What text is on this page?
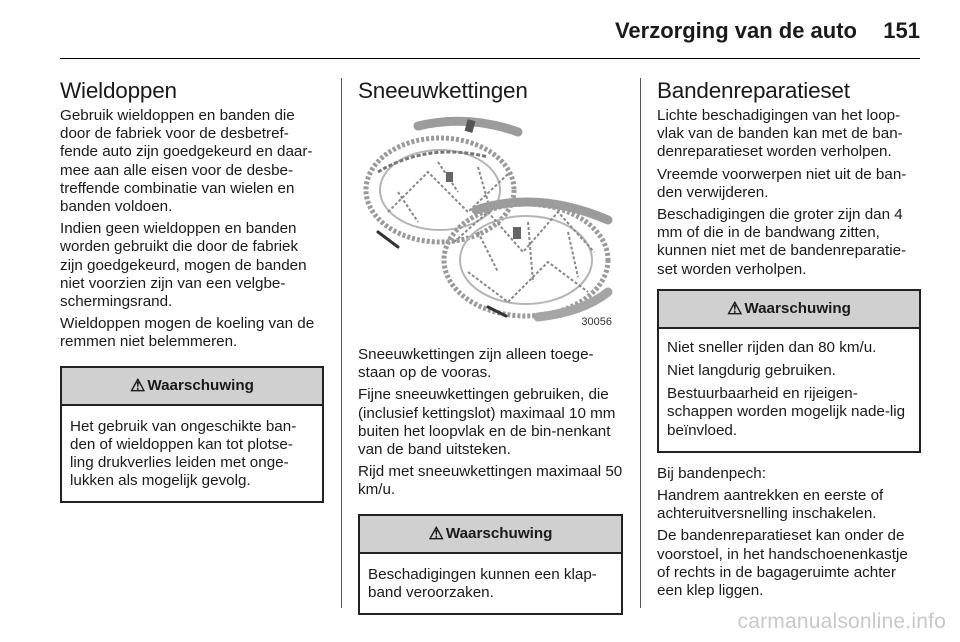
Verzorging van de auto 151
Wieldoppen

Gebruik wieldoppen en banden die door de fabriek voor de desbetref-fende auto zijn goedgekeurd en daar-mee aan alle eisen voor de desbe-treffende combinatie van wielen en banden voldoen.

Indien geen wieldoppen en banden worden gebruikt die door de fabriek zijn goedgekeurd, mogen de banden niet voorzien zijn van een velgbe-schermingsrand.

Wieldoppen mogen de koeling van de remmen niet belemmeren.

⚠ Waarschuwing

Het gebruik van ongeschikte ban-den of wieldoppen kan tot plotse-ling drukverlies leiden met onge-lukken als mogelijk gevolg.

Sneeuwkettingen
30056

Sneeuwkettingen zijn alleen toege-staan op de vooras.

Fijne sneeuwkettingen gebruiken, die (inclusief kettingslot) maximaal 10 mm buiten het loopvlak en de bin-nenkant van de band uitsteken.

Rijd met sneeuwkettingen maximaal 50 km/u.

⚠ Waarschuwing

Beschadigingen kunnen een klap-band veroorzaken.

Bandenreparatieset

Lichte beschadigingen van het loop-vlak van de banden kan met de ban-denreparatieset worden verholpen.

Vreemde voorwerpen niet uit de ban-den verwijderen.

Beschadigingen die groter zijn dan 4 mm of die in de bandwang zitten, kunnen niet met de bandenreparatie-set worden verholpen.

⚠ Waarschuwing

Niet sneller rijden dan 80 km/u.

Niet langdurig gebruiken.

Bestuurbaarheid en rijeigen-schappen worden mogelijk nade-lig beïnvloed.

Bij bandenpech:

Handrem aantrekken en eerste of achteruitversnelling inschakelen.

De bandenreparatieset kan onder de voorstoel, in het handschoenenkastje of rechts in de bagageruimte achter een klep liggen.

carmanualsonline.info
